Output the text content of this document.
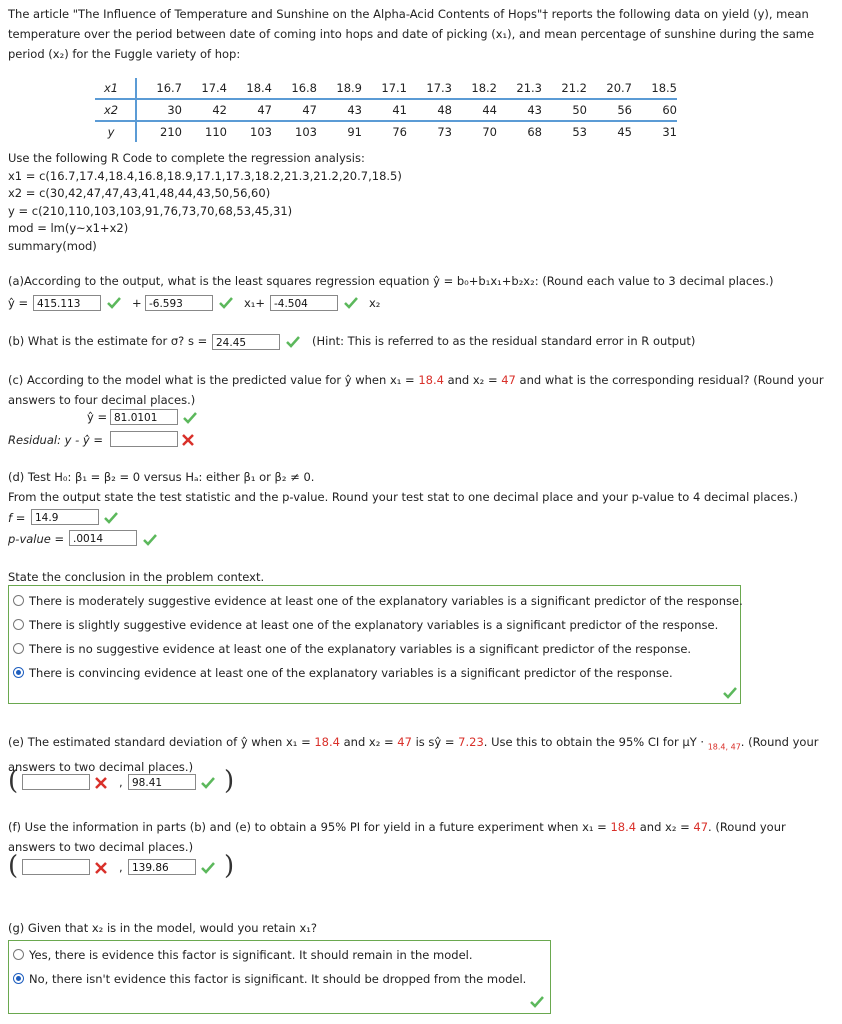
The article "The Influence of Temperature and Sunshine on the Alpha-Acid Contents of Hops"† reports the following data on yield (y), mean
temperature over the period between date of coming into hops and date of picking (x₁), and mean percentage of sunshine during the same
period (x₂) for the Fuggle variety of hop:
x1	16.7	17.4	18.4	16.8	18.9	17.1	17.3	18.2	21.3	21.2	20.7	18.5
x2	30	42	47	47	43	41	48	44	43	50	56	60
y	210	110	103	103	91	76	73	70	68	53	45	31
Use the following R Code to complete the regression analysis:
x1 = c(16.7,17.4,18.4,16.8,18.9,17.1,17.3,18.2,21.3,21.2,20.7,18.5)
x2 = c(30,42,47,47,43,41,48,44,43,50,56,60)
y = c(210,110,103,103,91,76,73,70,68,53,45,31)
mod = lm(y~x1+x2)
summary(mod)
(a)According to the output, what is the least squares regression equation ŷ = b₀+b₁x₁+b₂x₂: (Round each value to 3 decimal places.)
ŷ = 415.113	+ -6.593	x₁+ -4.504	x₂
(b) What is the estimate for σ? s = 24.45	(Hint: This is referred to as the residual standard error in R output)
(c) According to the model what is the predicted value for ŷ when x₁ = 18.4 and x₂ = 47 and what is the corresponding residual? (Round your
answers to four decimal places.)
ŷ = 81.0101
Residual: y - ŷ =
(d) Test H₀: β₁ = β₂ = 0 versus Hₐ: either β₁ or β₂ ≠ 0.
From the output state the test statistic and the p-value. Round your test stat to one decimal place and your p-value to 4 decimal places.)
f = 14.9
p-value = .0014
State the conclusion in the problem context.
There is moderately suggestive evidence at least one of the explanatory variables is a significant predictor of the response.
There is slightly suggestive evidence at least one of the explanatory variables is a significant predictor of the response.
There is no suggestive evidence at least one of the explanatory variables is a significant predictor of the response.
There is convincing evidence at least one of the explanatory variables is a significant predictor of the response.
(e) The estimated standard deviation of ŷ when x₁ = 18.4 and x₂ = 47 is sŷ = 7.23. Use this to obtain the 95% CI for μY · $_{18.4, 47}$. (Round your
answers to two decimal places.)
(	, 98.41	)
(f) Use the information in parts (b) and (e) to obtain a 95% PI for yield in a future experiment when x₁ = 18.4 and x₂ = 47. (Round your
answers to two decimal places.)
(	, 139.86	)
(g) Given that x₂ is in the model, would you retain x₁?
Yes, there is evidence this factor is significant. It should remain in the model.
No, there isn't evidence this factor is significant. It should be dropped from the model.
